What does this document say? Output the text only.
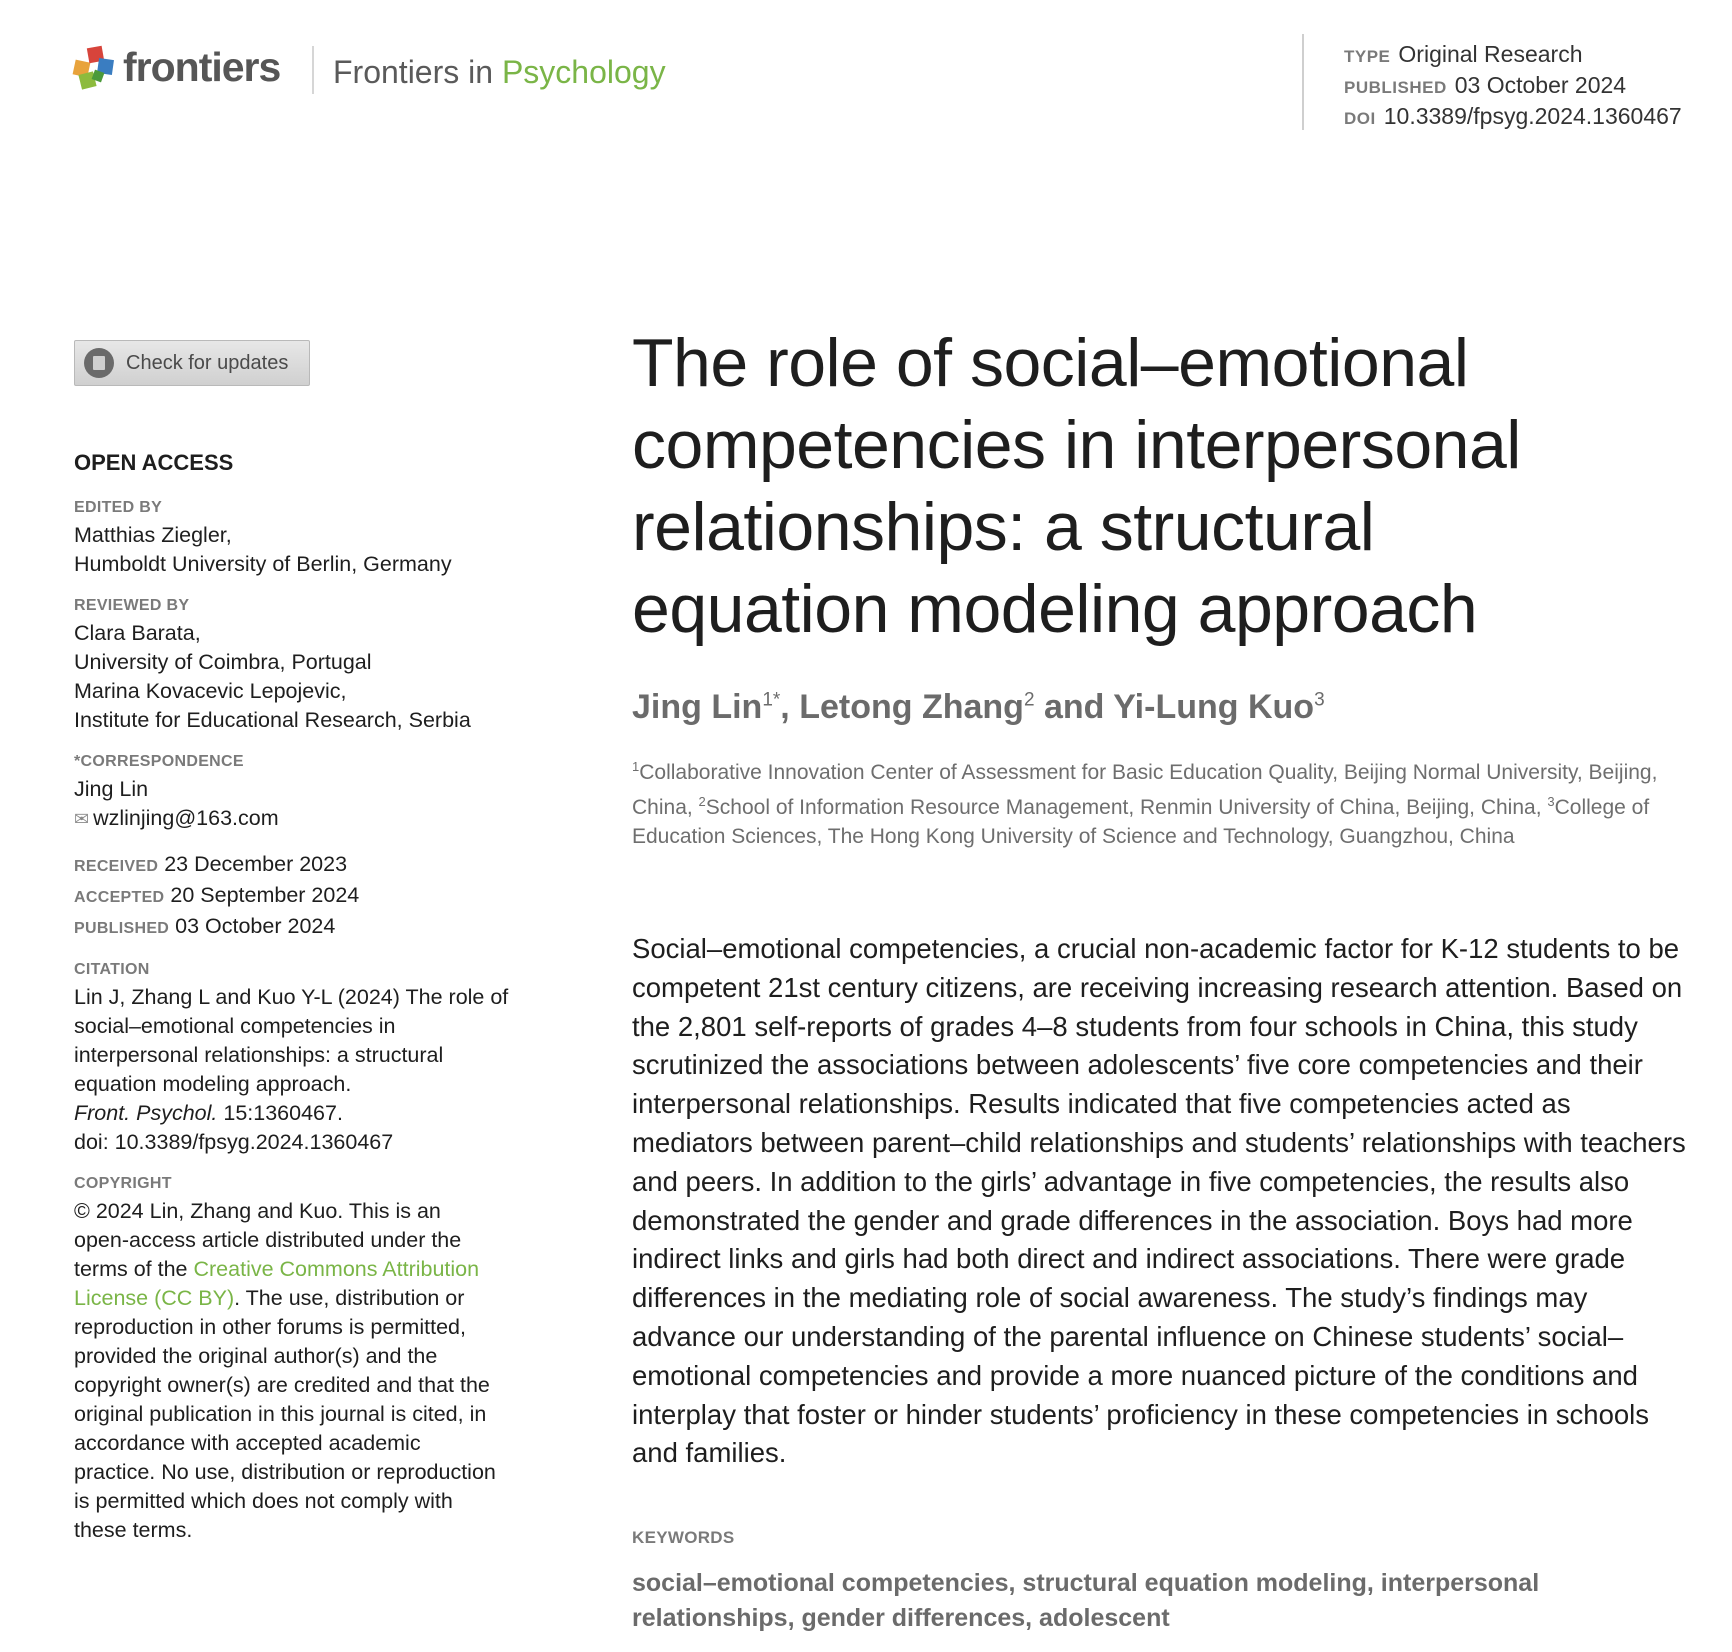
frontiers Frontiers in Psychology	TYPE Original Research
PUBLISHED 03 October 2024
DOI 10.3389/fpsyg.2024.1360467
Check for updates
OPEN ACCESS
EDITED BY
Matthias Ziegler,
Humboldt University of Berlin, Germany
REVIEWED BY
Clara Barata,
University of Coimbra, Portugal
Marina Kovacevic Lepojevic,
Institute for Educational Research, Serbia
*CORRESPONDENCE
Jing Lin
✉ wzlinjing@163.com
RECEIVED 23 December 2023
ACCEPTED 20 September 2024
PUBLISHED 03 October 2024
CITATION
Lin J, Zhang L and Kuo Y-L (2024) The role of
social–emotional competencies in
interpersonal relationships: a structural
equation modeling approach.
Front. Psychol. 15:1360467.
doi: 10.3389/fpsyg.2024.1360467
COPYRIGHT
© 2024 Lin, Zhang and Kuo. This is an
open-access article distributed under the
terms of the Creative Commons Attribution
License (CC BY). The use, distribution or
reproduction in other forums is permitted,
provided the original author(s) and the
copyright owner(s) are credited and that the
original publication in this journal is cited, in
accordance with accepted academic
practice. No use, distribution or reproduction
is permitted which does not comply with
these terms.
The role of social–emotional
competencies in interpersonal
relationships: a structural
equation modeling approach
Jing Lin$^{1*}$, Letong Zhang$^2$ and Yi-Lung Kuo$^3$
$^1$Collaborative Innovation Center of Assessment for Basic Education Quality, Beijing Normal University, Beijing, China, $^2$School of Information Resource Management, Renmin University of China, Beijing, China, $^3$College of Education Sciences, The Hong Kong University of Science and Technology, Guangzhou, China
Social–emotional competencies, a crucial non-academic factor for K-12 students to be competent 21st century citizens, are receiving increasing research attention. Based on the 2,801 self-reports of grades 4–8 students from four schools in China, this study scrutinized the associations between adolescents’ five core competencies and their interpersonal relationships. Results indicated that five competencies acted as mediators between parent–child relationships and students’ relationships with teachers and peers. In addition to the girls’ advantage in five competencies, the results also demonstrated the gender and grade differences in the association. Boys had more indirect links and girls had both direct and indirect associations. There were grade differences in the mediating role of social awareness. The study’s findings may advance our understanding of the parental influence on Chinese students’ social–emotional competencies and provide a more nuanced picture of the conditions and interplay that foster or hinder students’ proficiency in these competencies in schools and families.
KEYWORDS
social–emotional competencies, structural equation modeling, interpersonal relationships, gender differences, adolescent
